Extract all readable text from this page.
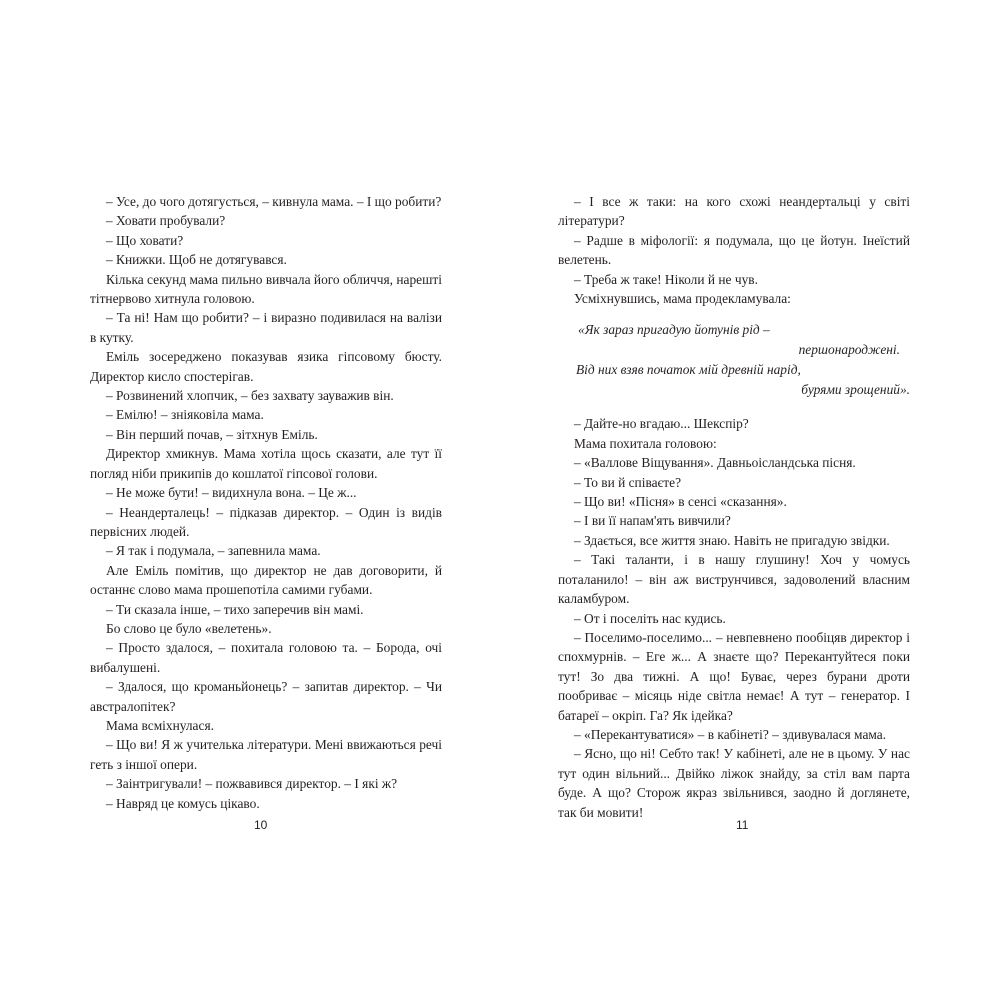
– Усе, до чого дотягусться, – кивнула мама. – І що робити?

– Ховати пробували?

– Що ховати?

– Книжки. Щоб не дотягувався.

Кілька секунд мама пильно вивчала його обличчя, нарешті тітнервово хитнула головою.

– Та ні! Нам що робити? – і виразно подивилася на валізи в кутку.

Еміль зосереджено показував язика гіпсовому бюсту. Директор кисло спостерігав.

– Розвинений хлопчик, – без захвату зауважив він.

– Емілю! – зніяковіла мама.

– Він перший почав, – зітхнув Еміль.

Директор хмикнув. Мама хотіла щось сказати, але тут її погляд ніби прикипів до кошлатої гіпсової голови.

– Не може бути! – видихнула вона. – Це ж...

– Неандерталець! – підказав директор. – Один із видів первісних людей.

– Я так і подумала, – запевнила мама.

Але Еміль помітив, що директор не дав договорити, й останнє слово мама прошепотіла самими губами.

– Ти сказала інше, – тихо заперечив він мамі.

Бо слово це було «велетень».

– Просто здалося, – похитала головою та. – Борода, очі вибалушені.

– Здалося, що кроманьйонець? – запитав директор. – Чи австралопітек?

Мама всміхнулася.

– Що ви! Я ж учителька літератури. Мені ввижаються речі геть з іншої опери.

– Заінтригували! – пожвавився директор. – І які ж?

– Навряд це комусь цікаво.

– І все ж таки: на кого схожі неандертальці у світі літератури?

– Радше в міфології: я подумала, що це йотун. Інеїстий велетень.

– Треба ж таке! Ніколи й не чув.

Усміхнувшись, мама продекламувала:

«Як зараз пригадую йотунів рід –

першонароджені.

Від них взяв початок мій древній нарід,

бурями зрощений».

– Дайте-но вгадаю... Шекспір?

Мама похитала головою:

– «Валлове Віщування». Давньоісландська пісня.

– То ви й співаєте?

– Що ви! «Пісня» в сенсі «сказання».

– І ви її напам'ять вивчили?

– Здається, все життя знаю. Навіть не пригадую звідки.

– Такі таланти, і в нашу глушину! Хоч у чомусь поталанило! – він аж виструнчився, задоволений власним каламбуром.

– От і поселіть нас кудись.

– Поселимо-поселимо... – невпевнено пообіцяв директор і спохмурнів. – Еге ж... А знаєте що? Перекантуйтеся поки тут! Зо два тижні. А що! Буває, через бурани дроти пообриває – місяць ніде світла немає! А тут – генератор. І батареї – окріп. Га? Як ідейка?

– «Перекантуватися» – в кабінеті? – здивувалася мама.

– Ясно, що ні! Себто так! У кабінеті, але не в цьому. У нас тут один вільний... Двійко ліжок знайду, за стіл вам парта буде. А що? Сторож якраз звільнився, заодно й доглянете, так би мовити!

10	11
